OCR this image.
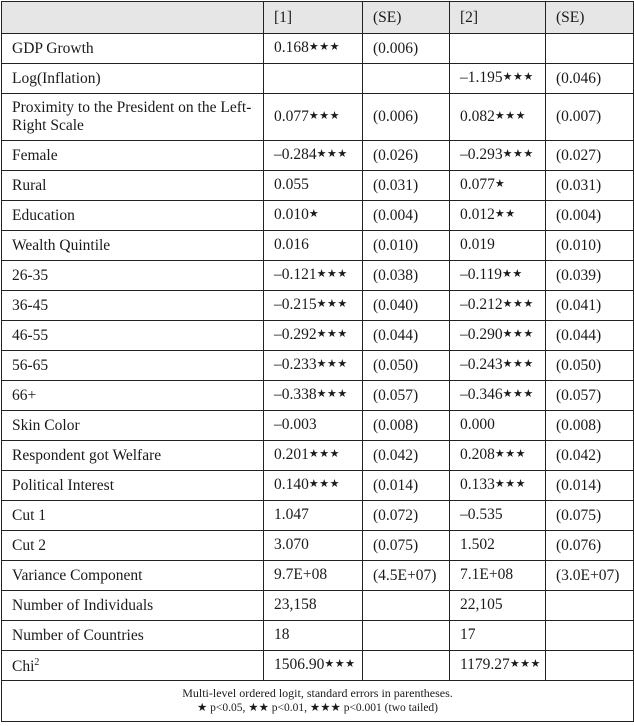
	[1]	(SE)	[2]	(SE)
GDP Growth	0.168★★★	(0.006)		
Log(Inflation)			–1.195★★★	(0.046)
Proximity to the President on the Left-Right Scale	0.077★★★	(0.006)	0.082★★★	(0.007)
Female	–0.284★★★	(0.026)	–0.293★★★	(0.027)
Rural	0.055	(0.031)	0.077★	(0.031)
Education	0.010★	(0.004)	0.012★★	(0.004)
Wealth Quintile	0.016	(0.010)	0.019	(0.010)
26-35	–0.121★★★	(0.038)	–0.119★★	(0.039)
36-45	–0.215★★★	(0.040)	–0.212★★★	(0.041)
46-55	–0.292★★★	(0.044)	–0.290★★★	(0.044)
56-65	–0.233★★★	(0.050)	–0.243★★★	(0.050)
66+	–0.338★★★	(0.057)	–0.346★★★	(0.057)
Skin Color	–0.003	(0.008)	0.000	(0.008)
Respondent got Welfare	0.201★★★	(0.042)	0.208★★★	(0.042)
Political Interest	0.140★★★	(0.014)	0.133★★★	(0.014)
Cut 1	1.047	(0.072)	–0.535	(0.075)
Cut 2	3.070	(0.075)	1.502	(0.076)
Variance Component	9.7E+08	(4.5E+07)	7.1E+08	(3.0E+07)
Number of Individuals	23,158		22,105	
Number of Countries	18		17	
Chi$^2$	1506.90★★★		1179.27★★★	

Multi-level ordered logit, standard errors in parentheses.
★ p<0.05, ★★ p<0.01, ★★★ p<0.001 (two tailed)				
